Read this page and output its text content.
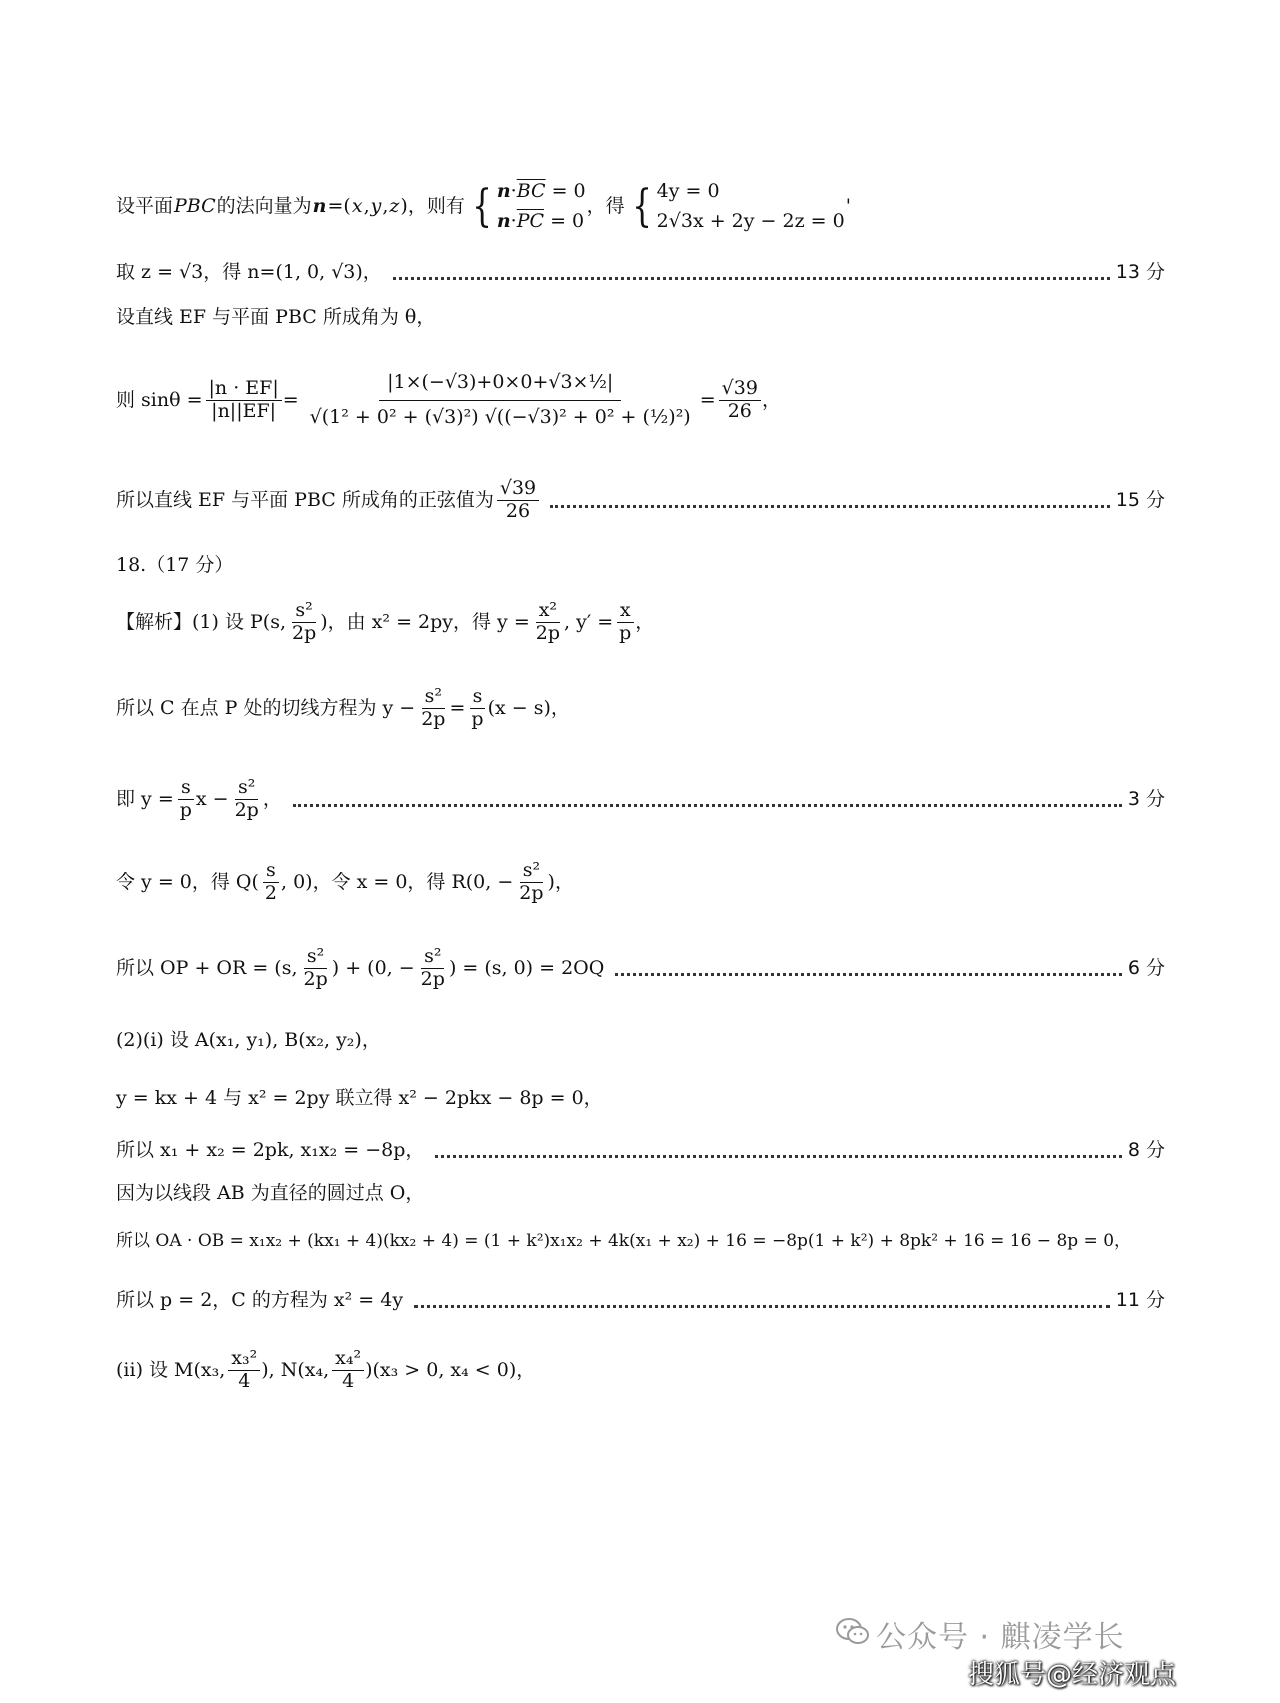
设平面 PBC 的法向量为 n =( x , y , z )，则有 { $n\cdot\overline{BC} = 0$
$n\cdot\overline{PC} = 0$
，得 { 4y = 0
2√3x + 2y − 2z = 0
'
取 z = √3，得 n=(1, 0, √3)，	13 分
设直线 EF 与平面 PBC 所成角为 θ，
则 $\sin\theta = \frac{|n \cdot EF|}{|n||EF|} = \frac{\text{|1×(−√3)+0×0+√3×½|}}{\text{√(1² + 0² + (√3)²) √((−√3)² + 0² + (½)²)}} = \frac{√39}{26}$ ，
所以直线 EF 与平面 PBC 所成角的正弦值为 $\frac{√39}{26}$	15 分
18.（17 分）
【解析】(1) 设 P(s, $\frac{\text{s²}}{2p}$ )，由 x² = 2py，得 $y = \frac{\text{x²}}{2p}$ , $y' = \frac{x}{p}$ ，
所以 C 在点 P 处的切线方程为 $y - \frac{\text{s²}}{2p} = \frac{s}{p} (x - s)$，
即 $y = \frac{s}{p}$ $x - \frac{\text{s²}}{2p}$ ，	3 分
令 y = 0，得 $Q( \frac{s}{2}$ , 0)，令 x = 0，得 R(0, − $\frac{\text{s²}}{2p}$ )，
所以 OP + OR = (s, $\frac{\text{s²}}{2p}$ ) + (0, − $\frac{\text{s²}}{2p}$ ) = (s, 0) = 2OQ	6 分
(2)(i) 设 A(x₁, y₁), B(x₂, y₂)，
y = kx + 4 与 x² = 2py 联立得 x² − 2pkx − 8p = 0，
所以 x₁ + x₂ = 2pk, x₁x₂ = −8p，	8 分
因为以线段 AB 为直径的圆过点 O，
所以 OA · OB = x₁x₂ + (kx₁ + 4)(kx₂ + 4) = (1 + k²)x₁x₂ + 4k(x₁ + x₂) + 16 = −8p(1 + k²) + 8pk² + 16 = 16 − 8p = 0，
所以 p = 2，C 的方程为 x² = 4y	11 分
(ii) 设 M(x₃, $\frac{\text{x₃²}}{4}$ ), N(x₄, $\frac{\text{x₄²}}{4} )(x_3 > 0$, x₄ < 0)，
公众号 · 麒凌学长
搜狐号@经济观点
